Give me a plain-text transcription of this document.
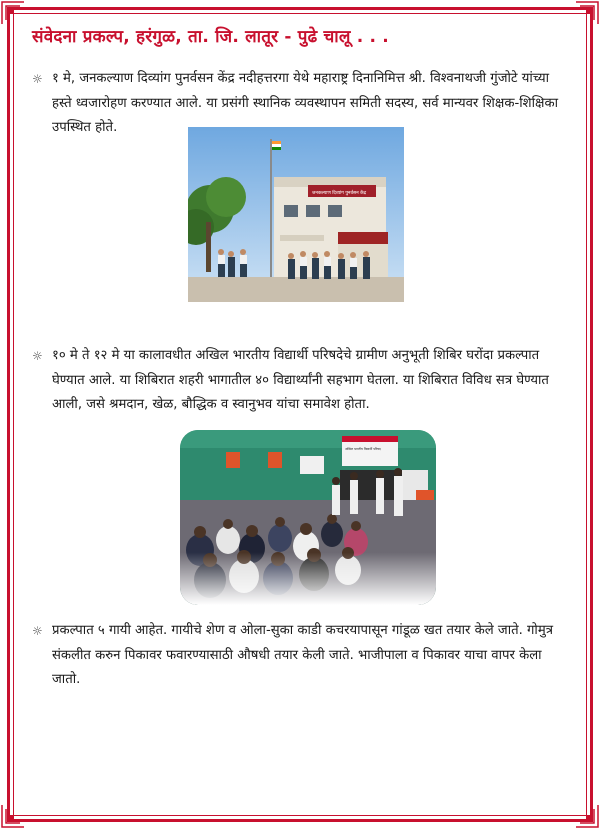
संवेदना प्रकल्प, हरंगुळ, ता. जि. लातूर - पुढे चालू . . .
☼ १ मे, जनकल्याण दिव्यांग पुनर्वसन केंद्र नदीहत्तरगा येथे महाराष्ट्र दिनानिमित्त श्री. विश्वनाथजी गुंजोटे यांच्या हस्ते ध्वजारोहण करण्यात आले. या प्रसंगी स्थानिक व्यवस्थापन समिती सदस्य, सर्व मान्यवर शिक्षक-शिक्षिका उपस्थित होते.
जनकल्याण दिव्यांग पुनर्वसन केंद्र
☼ १० मे ते १२ मे या कालावधीत अखिल भारतीय विद्यार्थी परिषदेचे ग्रामीण अनुभूती शिबिर घरोंदा प्रकल्पात घेण्यात आले. या शिबिरात शहरी भागातील ४० विद्यार्थ्यांनी सहभाग घेतला. या शिबिरात विविध सत्र घेण्यात आली, जसे श्रमदान, खेळ, बौद्धिक व स्वानुभव यांचा समावेश होता.
☼ प्रकल्पात ५ गायी आहेत. गायीचे शेण व ओला-सुका काडी कचरयापासून गांडूळ खत तयार केले जाते. गोमुत्र संकलीत करुन पिकावर फवारण्यासाठी औषधी तयार केली जाते. भाजीपाला व पिकावर याचा वापर केला जातो.
